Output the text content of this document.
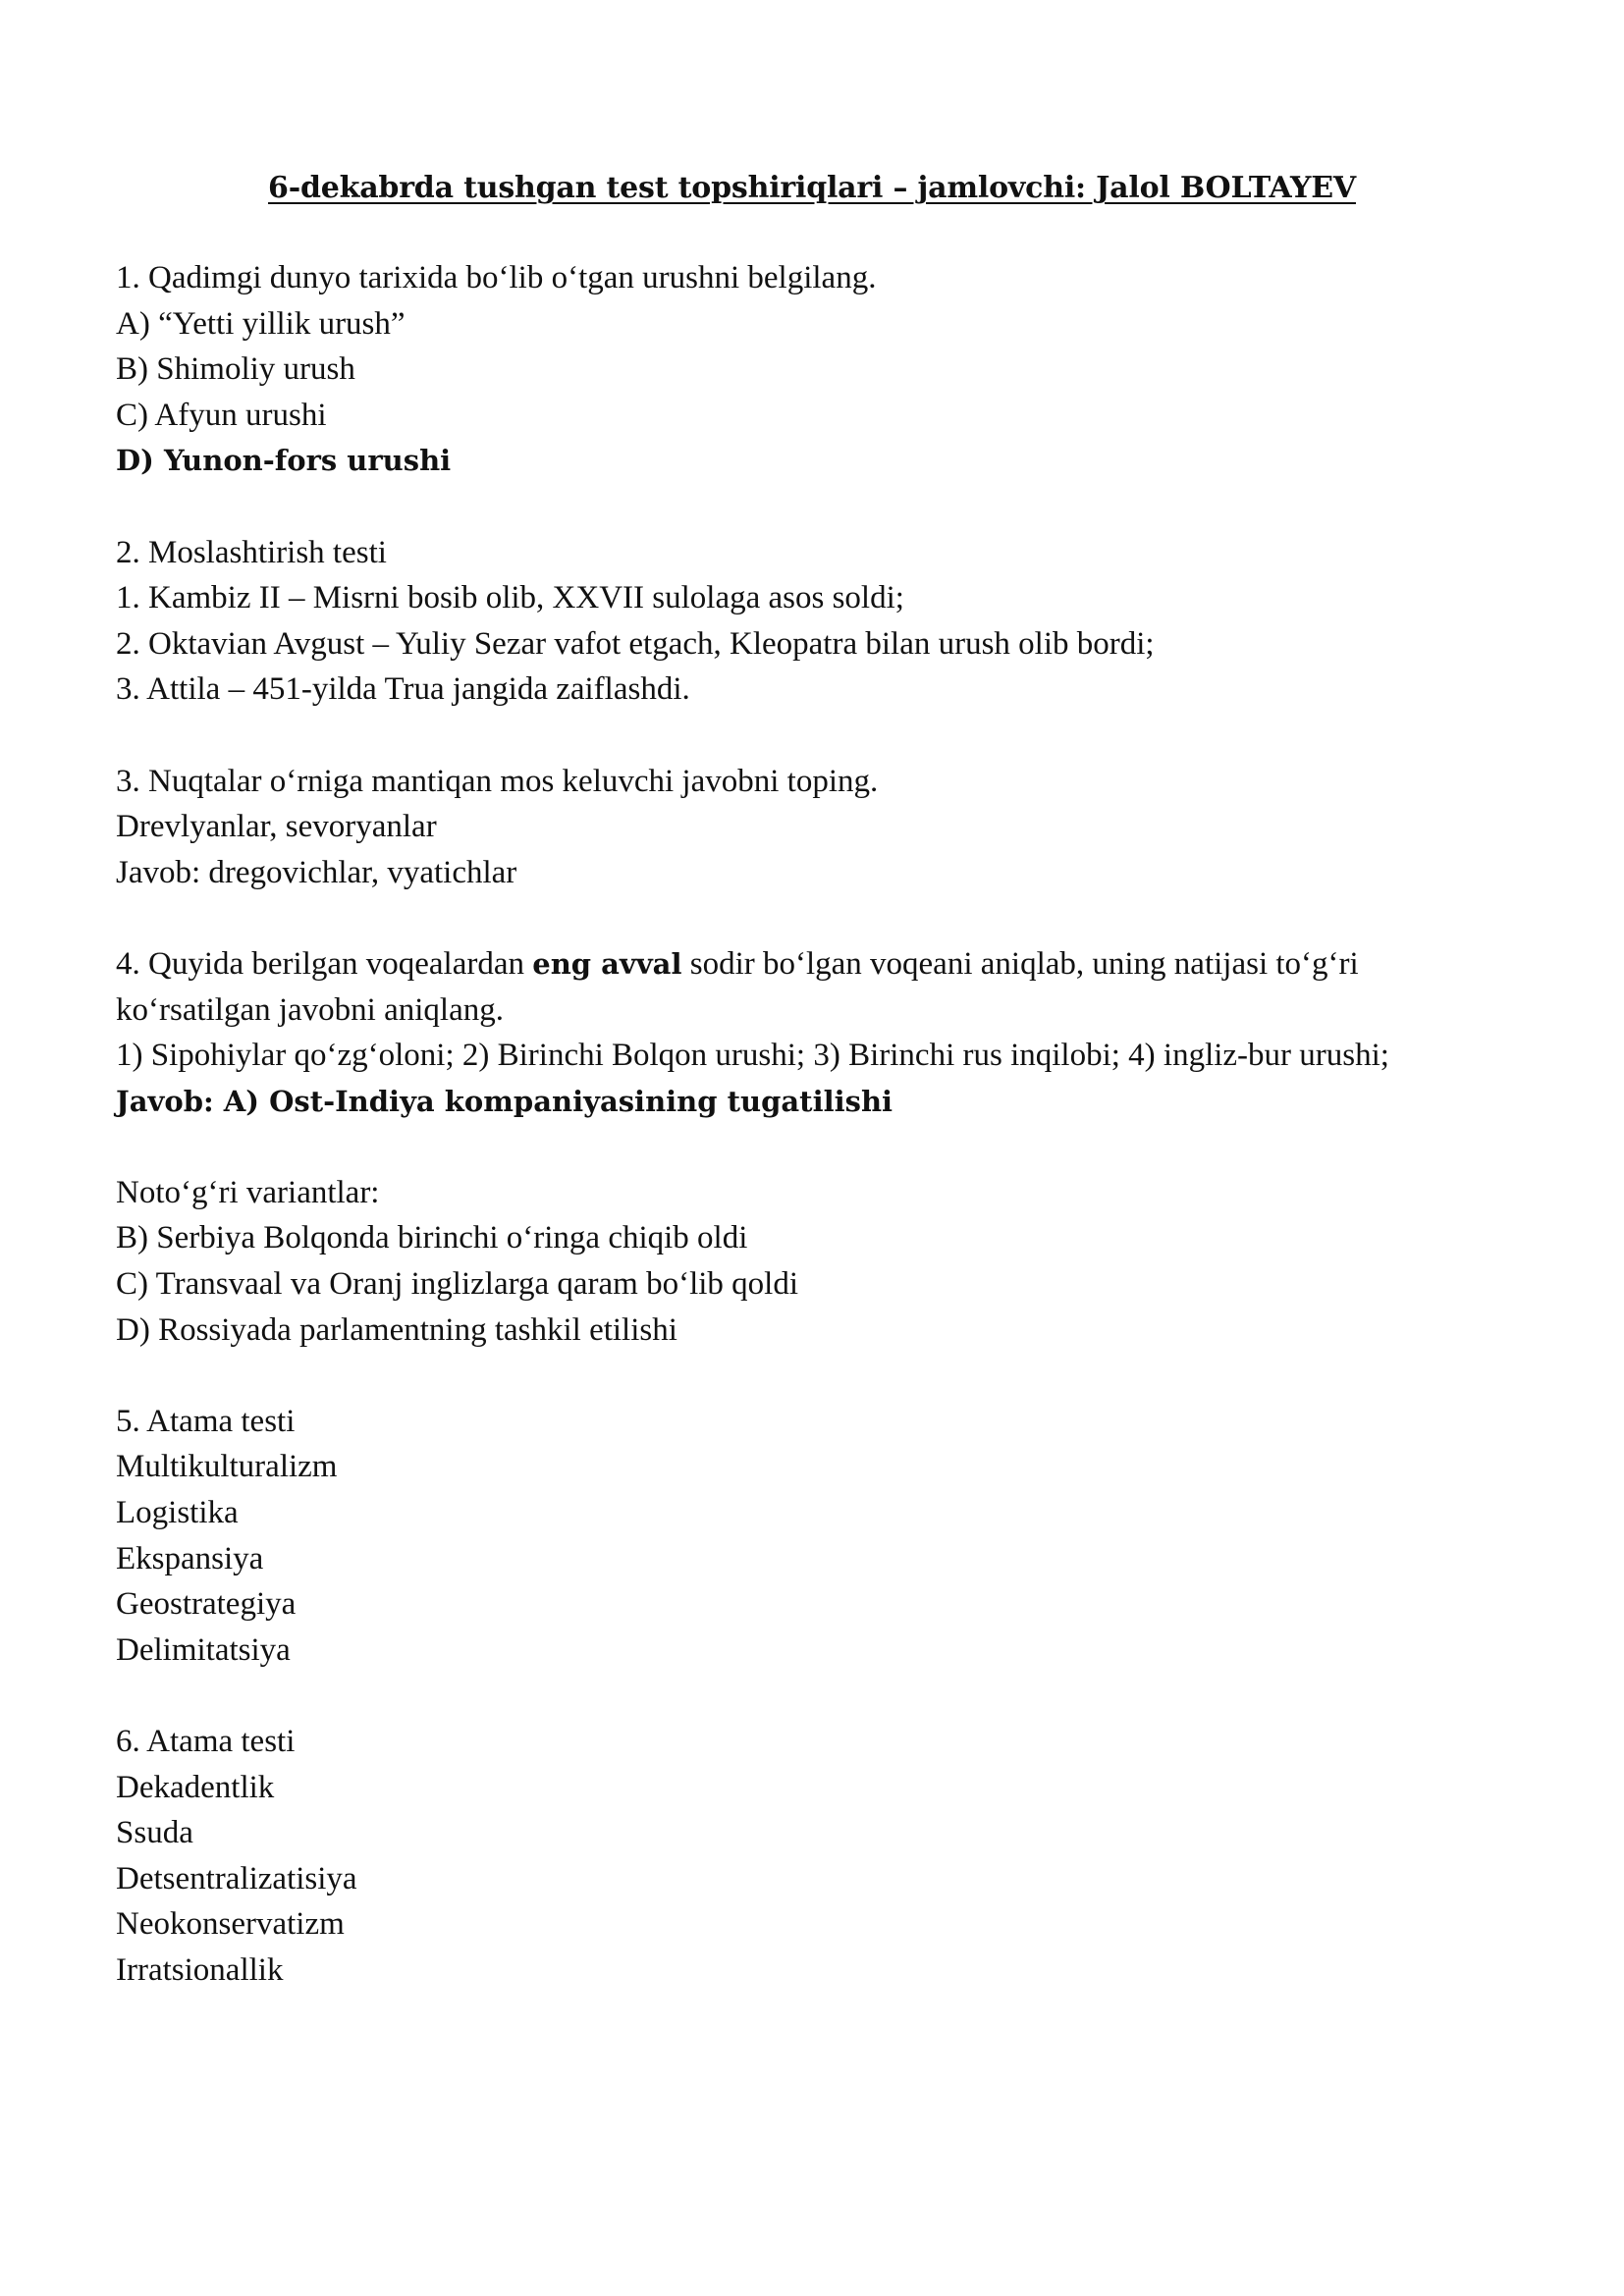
6-dekabrda tushgan test topshiriqlari – jamlovchi: Jalol BOLTAYEV
1. Qadimgi dunyo tarixida bo‘lib o‘tgan urushni belgilang.
A) “Yetti yillik urush”
B) Shimoliy urush
C) Afyun urushi
D) Yunon-fors urushi
2. Moslashtirish testi
1. Kambiz II – Misrni bosib olib, XXVII sulolaga asos soldi;
2. Oktavian Avgust – Yuliy Sezar vafot etgach, Kleopatra bilan urush olib bordi;
3. Attila – 451-yilda Trua jangida zaiflashdi.
3. Nuqtalar o‘rniga mantiqan mos keluvchi javobni toping.
Drevlyanlar, sevoryanlar
Javob: dregovichlar, vyatichlar
4. Quyida berilgan voqealardan eng avval sodir bo‘lgan voqeani aniqlab, uning natijasi to‘g‘ri
ko‘rsatilgan javobni aniqlang.
1) Sipohiylar qo‘zg‘oloni; 2) Birinchi Bolqon urushi; 3) Birinchi rus inqilobi; 4) ingliz-bur urushi;
Javob: A) Ost-Indiya kompaniyasining tugatilishi
Noto‘g‘ri variantlar:
B) Serbiya Bolqonda birinchi o‘ringa chiqib oldi
C) Transvaal va Oranj inglizlarga qaram bo‘lib qoldi
D) Rossiyada parlamentning tashkil etilishi
5. Atama testi
Multikulturalizm
Logistika
Ekspansiya
Geostrategiya
Delimitatsiya
6. Atama testi
Dekadentlik
Ssuda
Detsentralizatisiya
Neokonservatizm
Irratsionallik
